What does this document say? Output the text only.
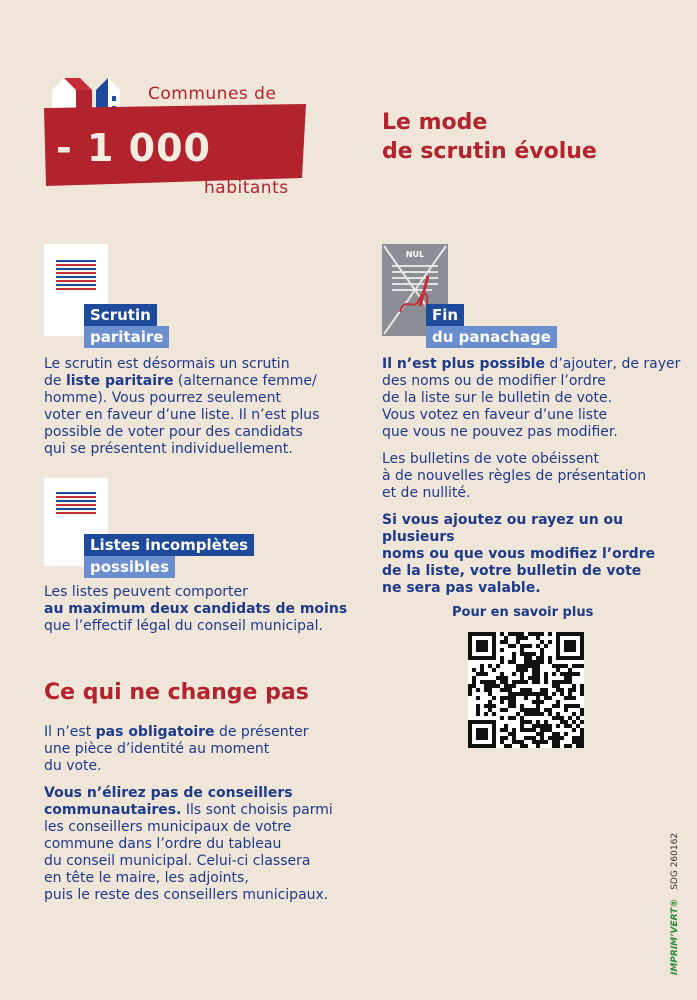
Communes de
- 1 000
habitants
Le mode
de scrutin évolue
Scrutin
paritaire
Le scrutin est désormais un scrutin
de liste paritaire (alternance femme/
homme). Vous pourrez seulement
voter en faveur d’une liste. Il n’est plus
possible de voter pour des candidats
qui se présentent individuellement.
Listes incomplètes
possibles
Les listes peuvent comporter
au maximum deux candidats de moins
que l’effectif légal du conseil municipal.
NUL
Fin
du panachage

Il n’est plus possible d’ajouter, de rayer
des noms ou de modifier l’ordre
de la liste sur le bulletin de vote.
Vous votez en faveur d’une liste
que vous ne pouvez pas modifier.

Les bulletins de vote obéissent
à de nouvelles règles de présentation
et de nullité.

Si vous ajoutez ou rayez un ou plusieurs
noms ou que vous modifiez l’ordre
de la liste, votre bulletin de vote
ne sera pas valable.

Pour en savoir plus
Ce qui ne change pas

Il n’est pas obligatoire de présenter
une pièce d’identité au moment
du vote.

Vous n’élirez pas de conseillers
communautaires. Ils sont choisis parmi
les conseillers municipaux de votre
commune dans l’ordre du tableau
du conseil municipal. Celui-ci classera
en tête le maire, les adjoints,
puis le reste des conseillers municipaux.

IMPRIM’VERT® SDG 260162
